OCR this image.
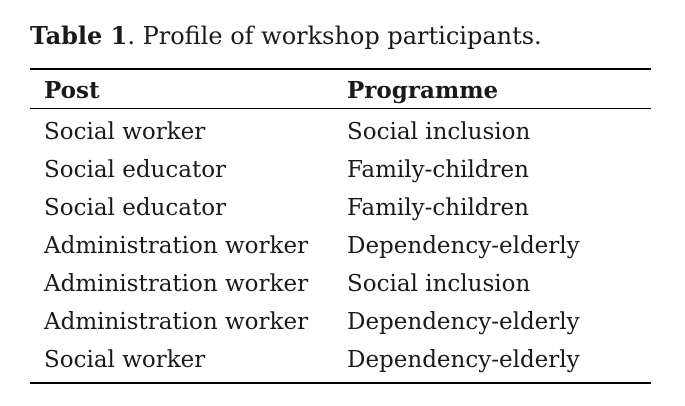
Table 1. Profile of workshop participants.
Post	Programme
Social worker	Social inclusion
Social educator	Family-children
Social educator	Family-children
Administration worker	Dependency-elderly
Administration worker	Social inclusion
Administration worker	Dependency-elderly
Social worker	Dependency-elderly
